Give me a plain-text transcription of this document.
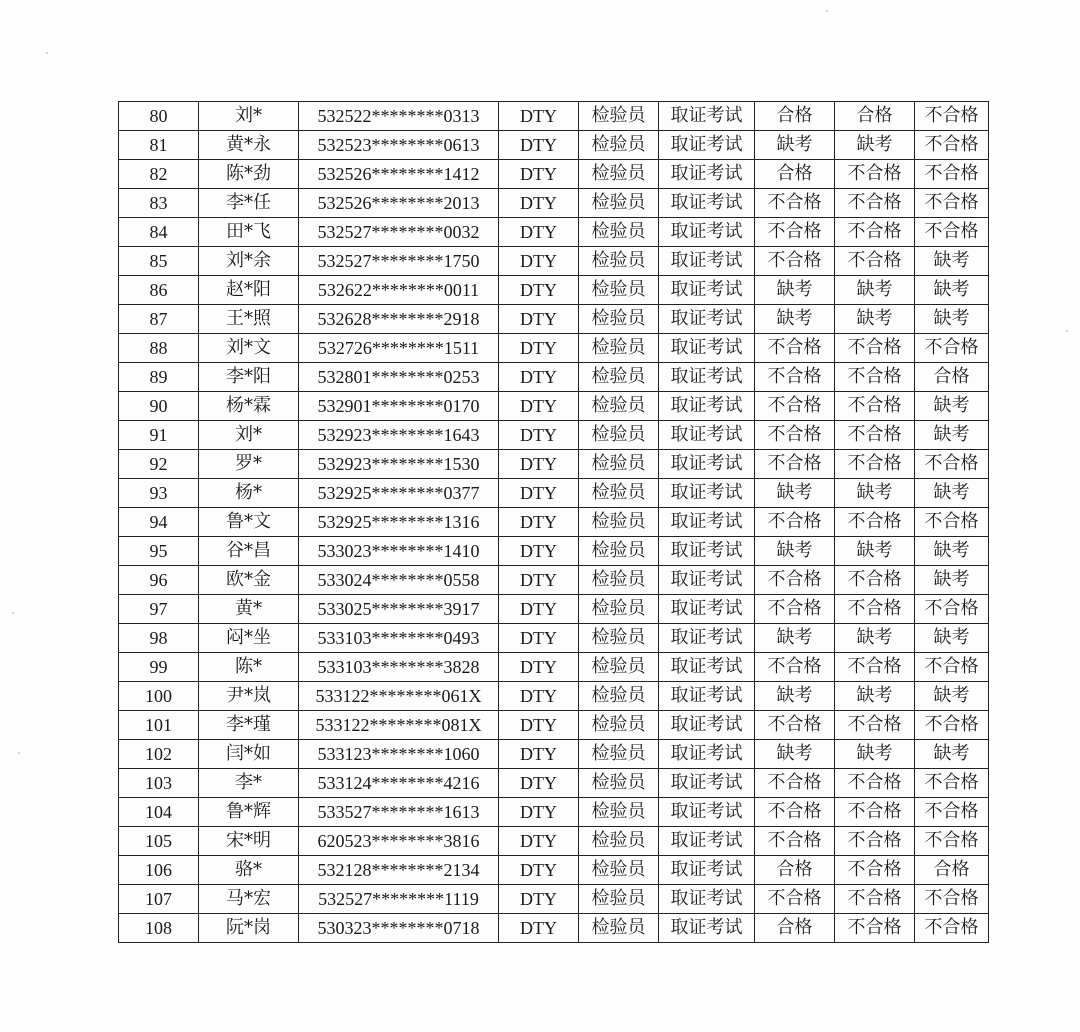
80	刘*	532522********0313	DTY	检验员	取证考试	合格	合格	不合格
81	黄*永	532523********0613	DTY	检验员	取证考试	缺考	缺考	不合格
82	陈*劲	532526********1412	DTY	检验员	取证考试	合格	不合格	不合格
83	李*任	532526********2013	DTY	检验员	取证考试	不合格	不合格	不合格
84	田*飞	532527********0032	DTY	检验员	取证考试	不合格	不合格	不合格
85	刘*余	532527********1750	DTY	检验员	取证考试	不合格	不合格	缺考
86	赵*阳	532622********0011	DTY	检验员	取证考试	缺考	缺考	缺考
87	王*照	532628********2918	DTY	检验员	取证考试	缺考	缺考	缺考
88	刘*文	532726********1511	DTY	检验员	取证考试	不合格	不合格	不合格
89	李*阳	532801********0253	DTY	检验员	取证考试	不合格	不合格	合格
90	杨*霖	532901********0170	DTY	检验员	取证考试	不合格	不合格	缺考
91	刘*	532923********1643	DTY	检验员	取证考试	不合格	不合格	缺考
92	罗*	532923********1530	DTY	检验员	取证考试	不合格	不合格	不合格
93	杨*	532925********0377	DTY	检验员	取证考试	缺考	缺考	缺考
94	鲁*文	532925********1316	DTY	检验员	取证考试	不合格	不合格	不合格
95	谷*昌	533023********1410	DTY	检验员	取证考试	缺考	缺考	缺考
96	欧*金	533024********0558	DTY	检验员	取证考试	不合格	不合格	缺考
97	黄*	533025********3917	DTY	检验员	取证考试	不合格	不合格	不合格
98	闷*坐	533103********0493	DTY	检验员	取证考试	缺考	缺考	缺考
99	陈*	533103********3828	DTY	检验员	取证考试	不合格	不合格	不合格
100	尹*岚	533122********061X	DTY	检验员	取证考试	缺考	缺考	缺考
101	李*瑾	533122********081X	DTY	检验员	取证考试	不合格	不合格	不合格
102	闫*如	533123********1060	DTY	检验员	取证考试	缺考	缺考	缺考
103	李*	533124********4216	DTY	检验员	取证考试	不合格	不合格	不合格
104	鲁*辉	533527********1613	DTY	检验员	取证考试	不合格	不合格	不合格
105	宋*明	620523********3816	DTY	检验员	取证考试	不合格	不合格	不合格
106	骆*	532128********2134	DTY	检验员	取证考试	合格	不合格	合格
107	马*宏	532527********1119	DTY	检验员	取证考试	不合格	不合格	不合格
108	阮*岗	530323********0718	DTY	检验员	取证考试	合格	不合格	不合格
